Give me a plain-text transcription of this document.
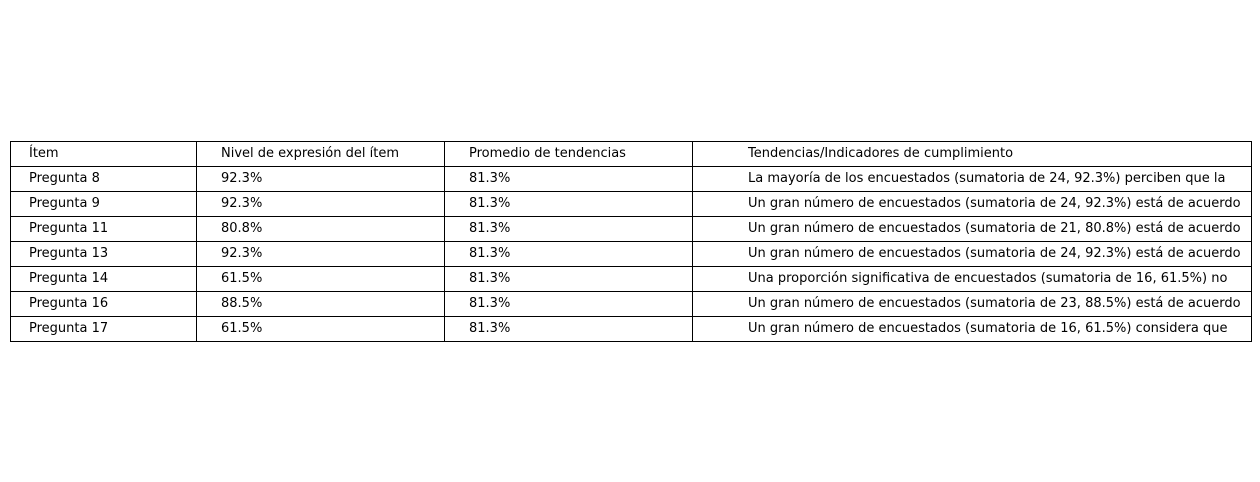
Ítem	Nivel de expresión del ítem	Promedio de tendencias	Tendencias/Indicadores de cumplimiento
Pregunta 8	92.3%	81.3%	La mayoría de los encuestados (sumatoria de 24, 92.3%) perciben que la
Pregunta 9	92.3%	81.3%	Un gran número de encuestados (sumatoria de 24, 92.3%) está de acuerdo
Pregunta 11	80.8%	81.3%	Un gran número de encuestados (sumatoria de 21, 80.8%) está de acuerdo
Pregunta 13	92.3%	81.3%	Un gran número de encuestados (sumatoria de 24, 92.3%) está de acuerdo
Pregunta 14	61.5%	81.3%	Una proporción significativa de encuestados (sumatoria de 16, 61.5%) no
Pregunta 16	88.5%	81.3%	Un gran número de encuestados (sumatoria de 23, 88.5%) está de acuerdo
Pregunta 17	61.5%	81.3%	Un gran número de encuestados (sumatoria de 16, 61.5%) considera que
